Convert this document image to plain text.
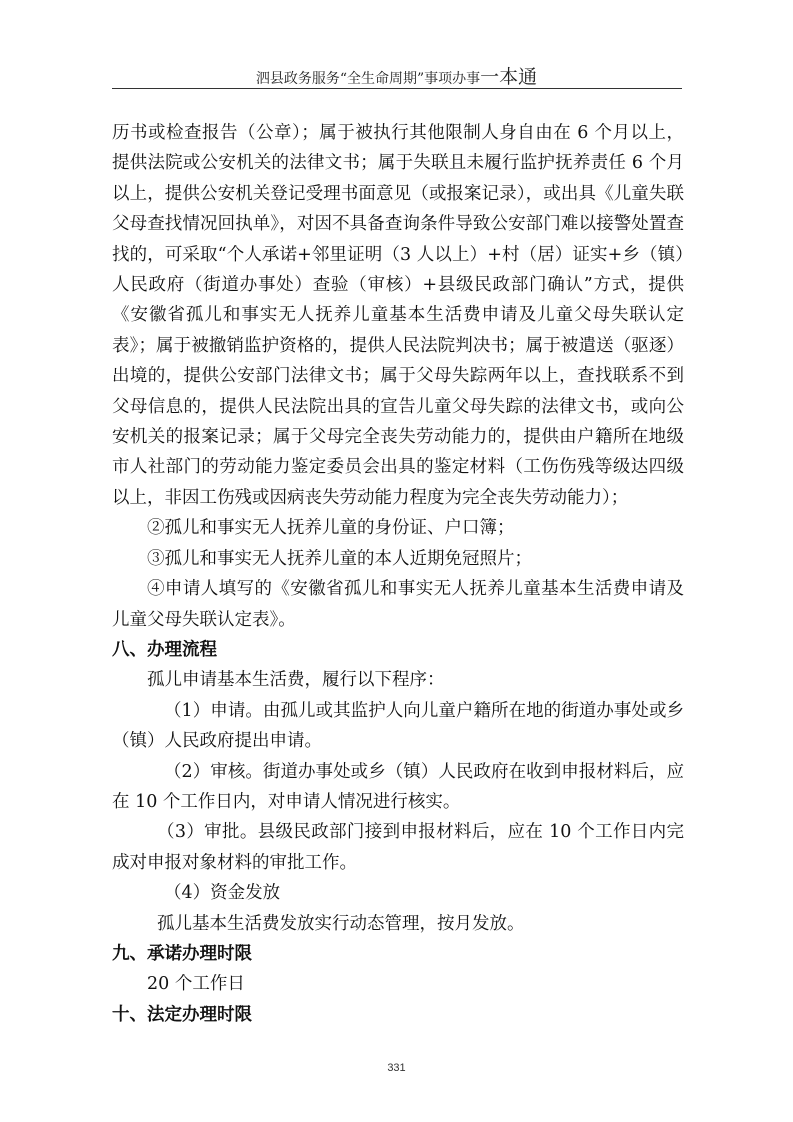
泗县政务服务“全生命周期”事项办事一本通

历书或检查报告（公章）；属于被执行其他限制人身自由在 6 个月以上，提供法院或公安机关的法律文书；属于失联且未履行监护抚养责任 6 个月以上，提供公安机关登记受理书面意见（或报案记录），或出具《儿童失联父母查找情况回执单》，对因不具备查询条件导致公安部门难以接警处置查找的，可采取“个人承诺+邻里证明（3 人以上）+村（居）证实+乡（镇）人民政府（街道办事处）查验（审核）+县级民政部门确认”方式，提供《安徽省孤儿和事实无人抚养儿童基本生活费申请及儿童父母失联认定表》；属于被撤销监护资格的，提供人民法院判决书；属于被遣送（驱逐）出境的，提供公安部门法律文书；属于父母失踪两年以上，查找联系不到父母信息的，提供人民法院出具的宣告儿童父母失踪的法律文书，或向公安机关的报案记录；属于父母完全丧失劳动能力的，提供由户籍所在地级市人社部门的劳动能力鉴定委员会出具的鉴定材料（工伤伤残等级达四级以上，非因工伤残或因病丧失劳动能力程度为完全丧失劳动能力）；

②孤儿和事实无人抚养儿童的身份证、户口簿；

③孤儿和事实无人抚养儿童的本人近期免冠照片；

④申请人填写的《安徽省孤儿和事实无人抚养儿童基本生活费申请及儿童父母失联认定表》。

八、办理流程

孤儿申请基本生活费，履行以下程序：

（1）申请。由孤儿或其监护人向儿童户籍所在地的街道办事处或乡（镇）人民政府提出申请。

（2）审核。街道办事处或乡（镇）人民政府在收到申报材料后，应在 10 个工作日内，对申请人情况进行核实。

（3）审批。县级民政部门接到申报材料后，应在 10 个工作日内完成对申报对象材料的审批工作。

（4）资金发放

孤儿基本生活费发放实行动态管理，按月发放。

九、承诺办理时限

20 个工作日

十、法定办理时限

331
